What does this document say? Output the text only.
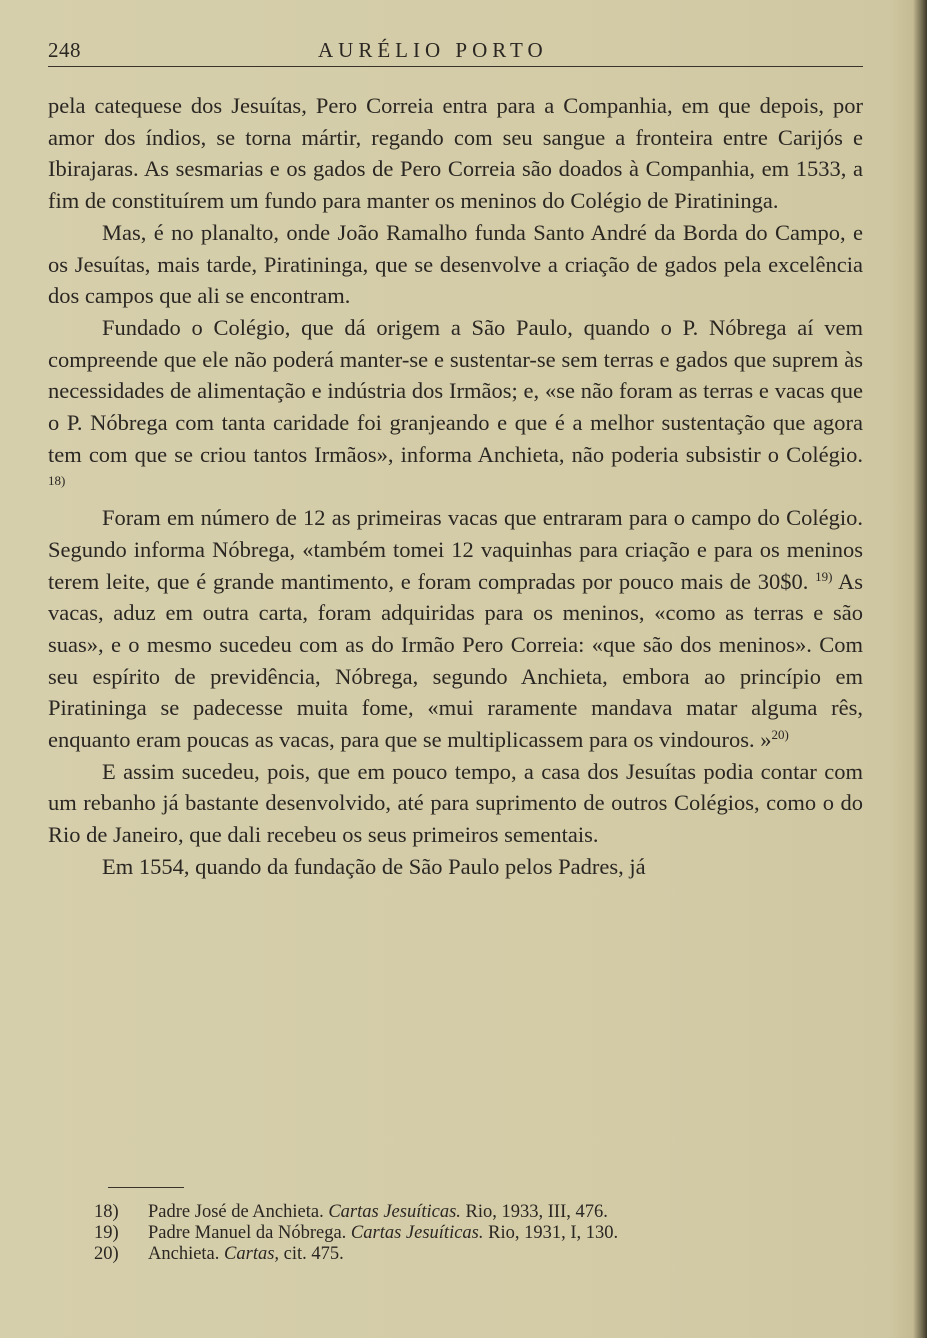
248	AURÉLIO PORTO

pela catequese dos Jesuítas, Pero Correia entra para a Companhia, em que depois, por amor dos índios, se torna mártir, regando com seu sangue a fronteira entre Carijós e Ibirajaras. As sesmarias e os gados de Pero Correia são doados à Companhia, em 1533, a fim de constituírem um fundo para manter os meninos do Colégio de Piratininga.

Mas, é no planalto, onde João Ramalho funda Santo André da Borda do Campo, e os Jesuítas, mais tarde, Piratininga, que se desenvolve a criação de gados pela excelência dos campos que ali se encontram.

Fundado o Colégio, que dá origem a São Paulo, quando o P. Nóbrega aí vem compreende que ele não poderá manter-se e sustentar-se sem terras e gados que suprem às necessidades de alimentação e indústria dos Irmãos; e, «se não foram as terras e vacas que o P. Nóbrega com tanta caridade foi granjeando e que é a melhor sustentação que agora tem com que se criou tantos Irmãos», informa Anchieta, não poderia subsistir o Colégio. $^{18)}$

Foram em número de 12 as primeiras vacas que entraram para o campo do Colégio. Segundo informa Nóbrega, «também tomei 12 vaquinhas para criação e para os meninos terem leite, que é grande mantimento, e foram compradas por pouco mais de 30$0. $^{19)}$ As vacas, aduz em outra carta, foram adquiridas para os meninos, «como as terras e são suas», e o mesmo sucedeu com as do Irmão Pero Correia: «que são dos meninos». Com seu espírito de previdência, Nóbrega, segundo Anchieta, embora ao princípio em Piratininga se padecesse muita fome, «mui raramente mandava matar alguma rês, enquanto eram poucas as vacas, para que se multiplicassem para os vindouros. »$^{20)}$

E assim sucedeu, pois, que em pouco tempo, a casa dos Jesuítas podia contar com um rebanho já bastante desenvolvido, até para suprimento de outros Colégios, como o do Rio de Janeiro, que dali recebeu os seus primeiros sementais.

Em 1554, quando da fundação de São Paulo pelos Padres, já

18)	Padre José de Anchieta. Cartas Jesuíticas. Rio, 1933, III, 476.
19)	Padre Manuel da Nóbrega. Cartas Jesuíticas. Rio, 1931, I, 130.
20)	Anchieta. Cartas, cit. 475.
